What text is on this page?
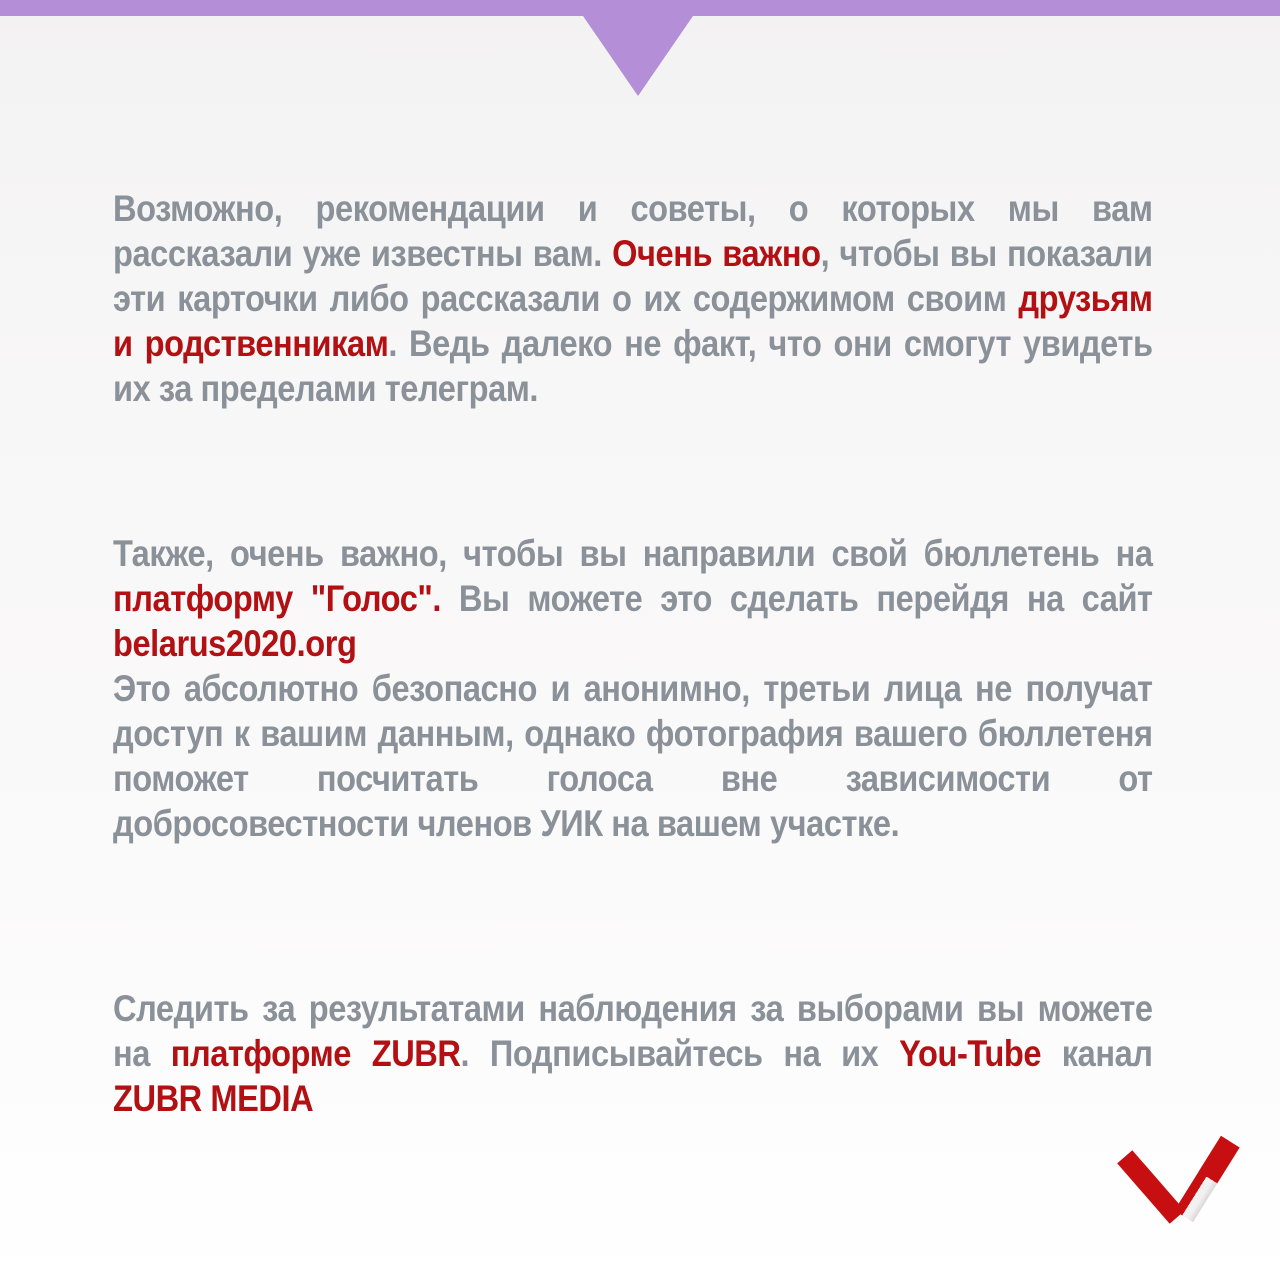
Возможно, рекомендации и советы, о которых мы вам рассказали уже известны вам. Очень важно, чтобы вы показали эти карточки либо рассказали о их содержимом своим друзьям и родственникам. Ведь далеко не факт, что они смогут увидеть их за пределами телеграм.

Также, очень важно, чтобы вы направили свой бюллетень на платформу "Голос". Вы можете это сделать перейдя на сайт belarus2020.org
Это абсолютно безопасно и анонимно, третьи лица не получат доступ к вашим данным, однако фотография вашего бюллетеня поможет посчитать голоса вне зависимости от добросовестности членов УИК на вашем участке.

Следить за результатами наблюдения за выборами вы можете на платформе ZUBR. Подписывайтесь на их You-Tube канал ZUBR MEDIA
